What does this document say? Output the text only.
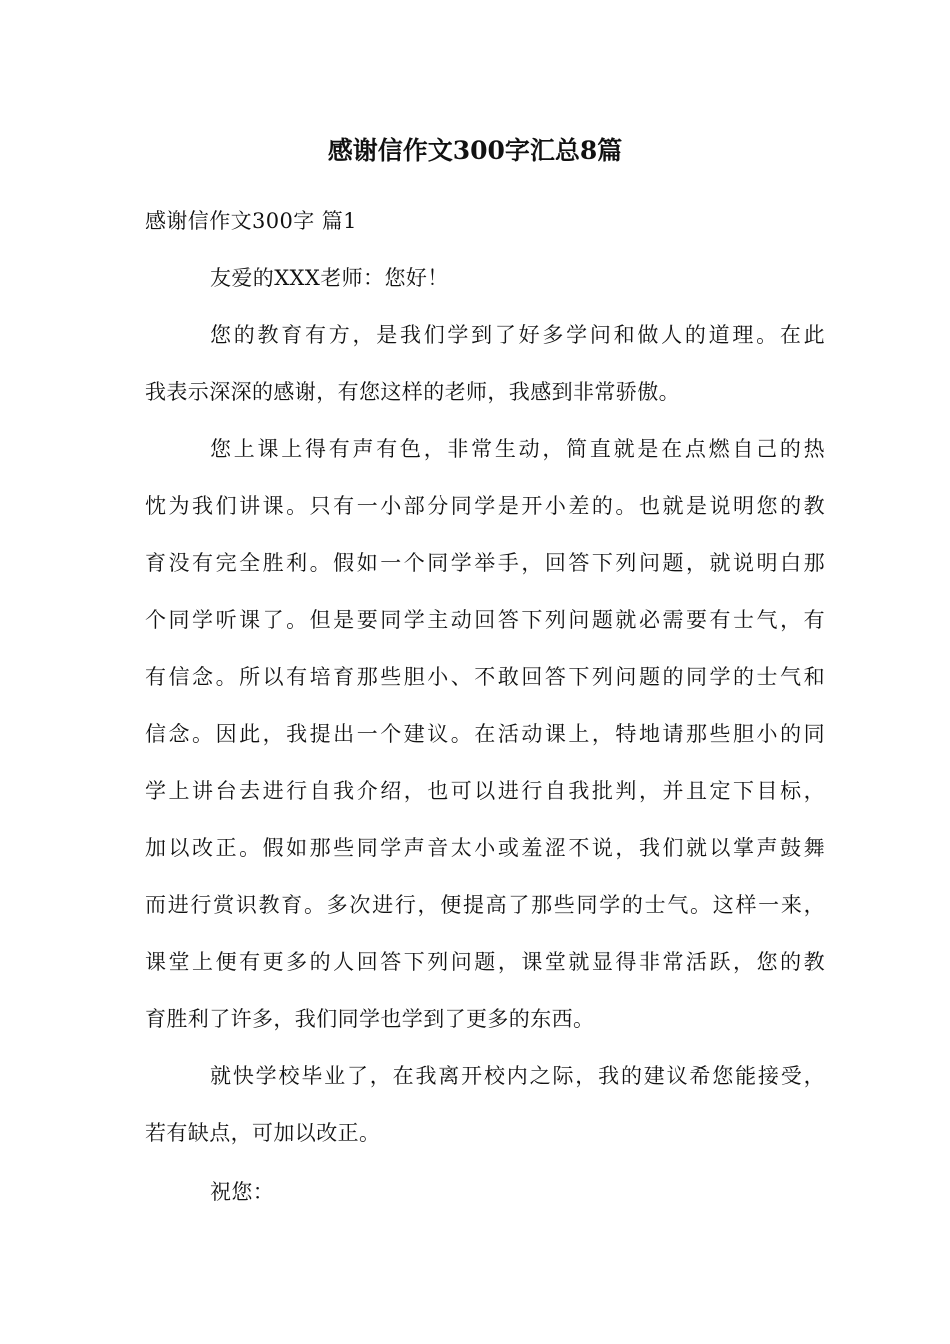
感谢信作文300字汇总8篇
感谢信作文300字 篇1
友爱的XXX老师：您好！
您的教育有方，是我们学到了好多学问和做人的道理。在此
我表示深深的感谢，有您这样的老师，我感到非常骄傲。
您上课上得有声有色，非常生动，简直就是在点燃自己的热
忱为我们讲课。只有一小部分同学是开小差的。也就是说明您的教
育没有完全胜利。假如一个同学举手，回答下列问题，就说明白那
个同学听课了。但是要同学主动回答下列问题就必需要有士气，有
有信念。所以有培育那些胆小、不敢回答下列问题的同学的士气和
信念。因此，我提出一个建议。在活动课上，特地请那些胆小的同
学上讲台去进行自我介绍，也可以进行自我批判，并且定下目标，
加以改正。假如那些同学声音太小或羞涩不说，我们就以掌声鼓舞
而进行赏识教育。多次进行，便提高了那些同学的士气。这样一来，
课堂上便有更多的人回答下列问题，课堂就显得非常活跃，您的教
育胜利了许多，我们同学也学到了更多的东西。
就快学校毕业了，在我离开校内之际，我的建议希您能接受，
若有缺点，可加以改正。
祝您：
